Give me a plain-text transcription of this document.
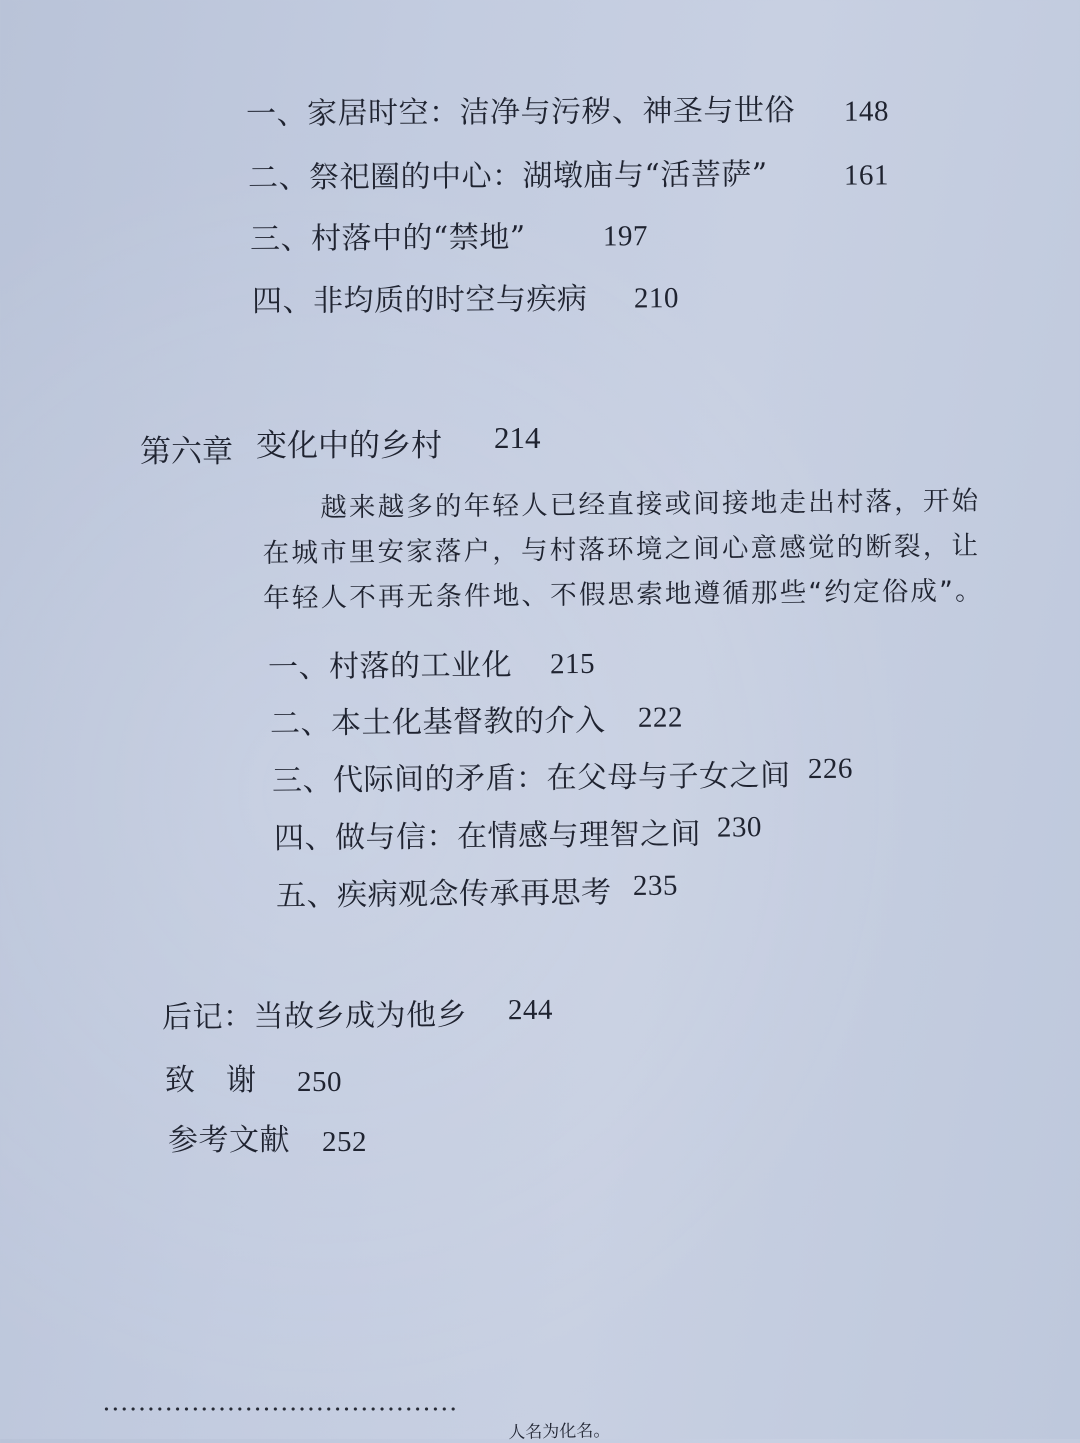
一、家居时空：洁净与污秽、神圣与世俗 148
二、祭祀圈的中心：湖墩庙与“活菩萨”	161
三、村落中的“禁地”	197
四、非均质的时空与疾病 210
第六章 变化中的乡村 214

越来越多的年轻人已经直接或间接地走出村落，开始

在城市里安家落户，与村落环境之间心意感觉的断裂，让

年轻人不再无条件地、不假思索地遵循那些“约定俗成”。

一、村落的工业化 215
二、本土化基督教的介入 222
三、代际间的矛盾：在父母与子女之间 226
四、做与信：在情感与理智之间 230
五、疾病观念传承再思考 235
后记：当故乡成为他乡 244
致　谢 250
参考文献 252
人名为化名。
